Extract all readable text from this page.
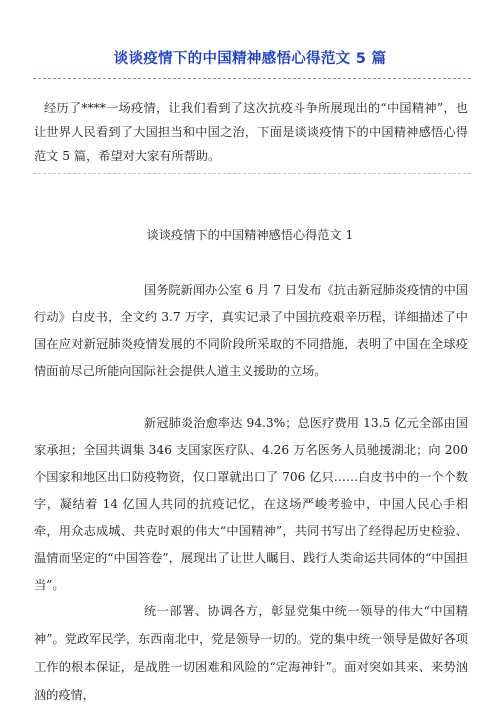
谈谈疫情下的中国精神感悟心得范文 5 篇
经历了****一场疫情，让我们看到了这次抗疫斗争所展现出的“中国精神”，也让世界人民看到了大国担当和中国之治，下面是谈谈疫情下的中国精神感悟心得范文 5 篇，希望对大家有所帮助。
谈谈疫情下的中国精神感悟心得范文 1
国务院新闻办公室 6 月 7 日发布《抗击新冠肺炎疫情的中国行动》白皮书，全文约 3.7 万字，真实记录了中国抗疫艰辛历程，详细描述了中国在应对新冠肺炎疫情发展的不同阶段所采取的不同措施，表明了中国在全球疫情面前尽己所能向国际社会提供人道主义援助的立场。
新冠肺炎治愈率达 94.3%；总医疗费用 13.5 亿元全部由国家承担；全国共调集 346 支国家医疗队、4.26 万名医务人员驰援湖北；向 200 个国家和地区出口防疫物资，仅口罩就出口了 706 亿只……白皮书中的一个个数字，凝结着 14 亿国人共同的抗疫记忆，在这场严峻考验中，中国人民心手相牵，用众志成城、共克时艰的伟大“中国精神”，共同书写出了经得起历史检验、温情而坚定的“中国答卷”，展现出了让世人瞩目、践行人类命运共同体的“中国担当”。
统一部署、协调各方，彰显党集中统一领导的伟大“中国精神”。党政军民学，东西南北中，党是领导一切的。党的集中统一领导是做好各项工作的根本保证，是战胜一切困难和风险的“定海神针”。面对突如其来、来势汹汹的疫情，
